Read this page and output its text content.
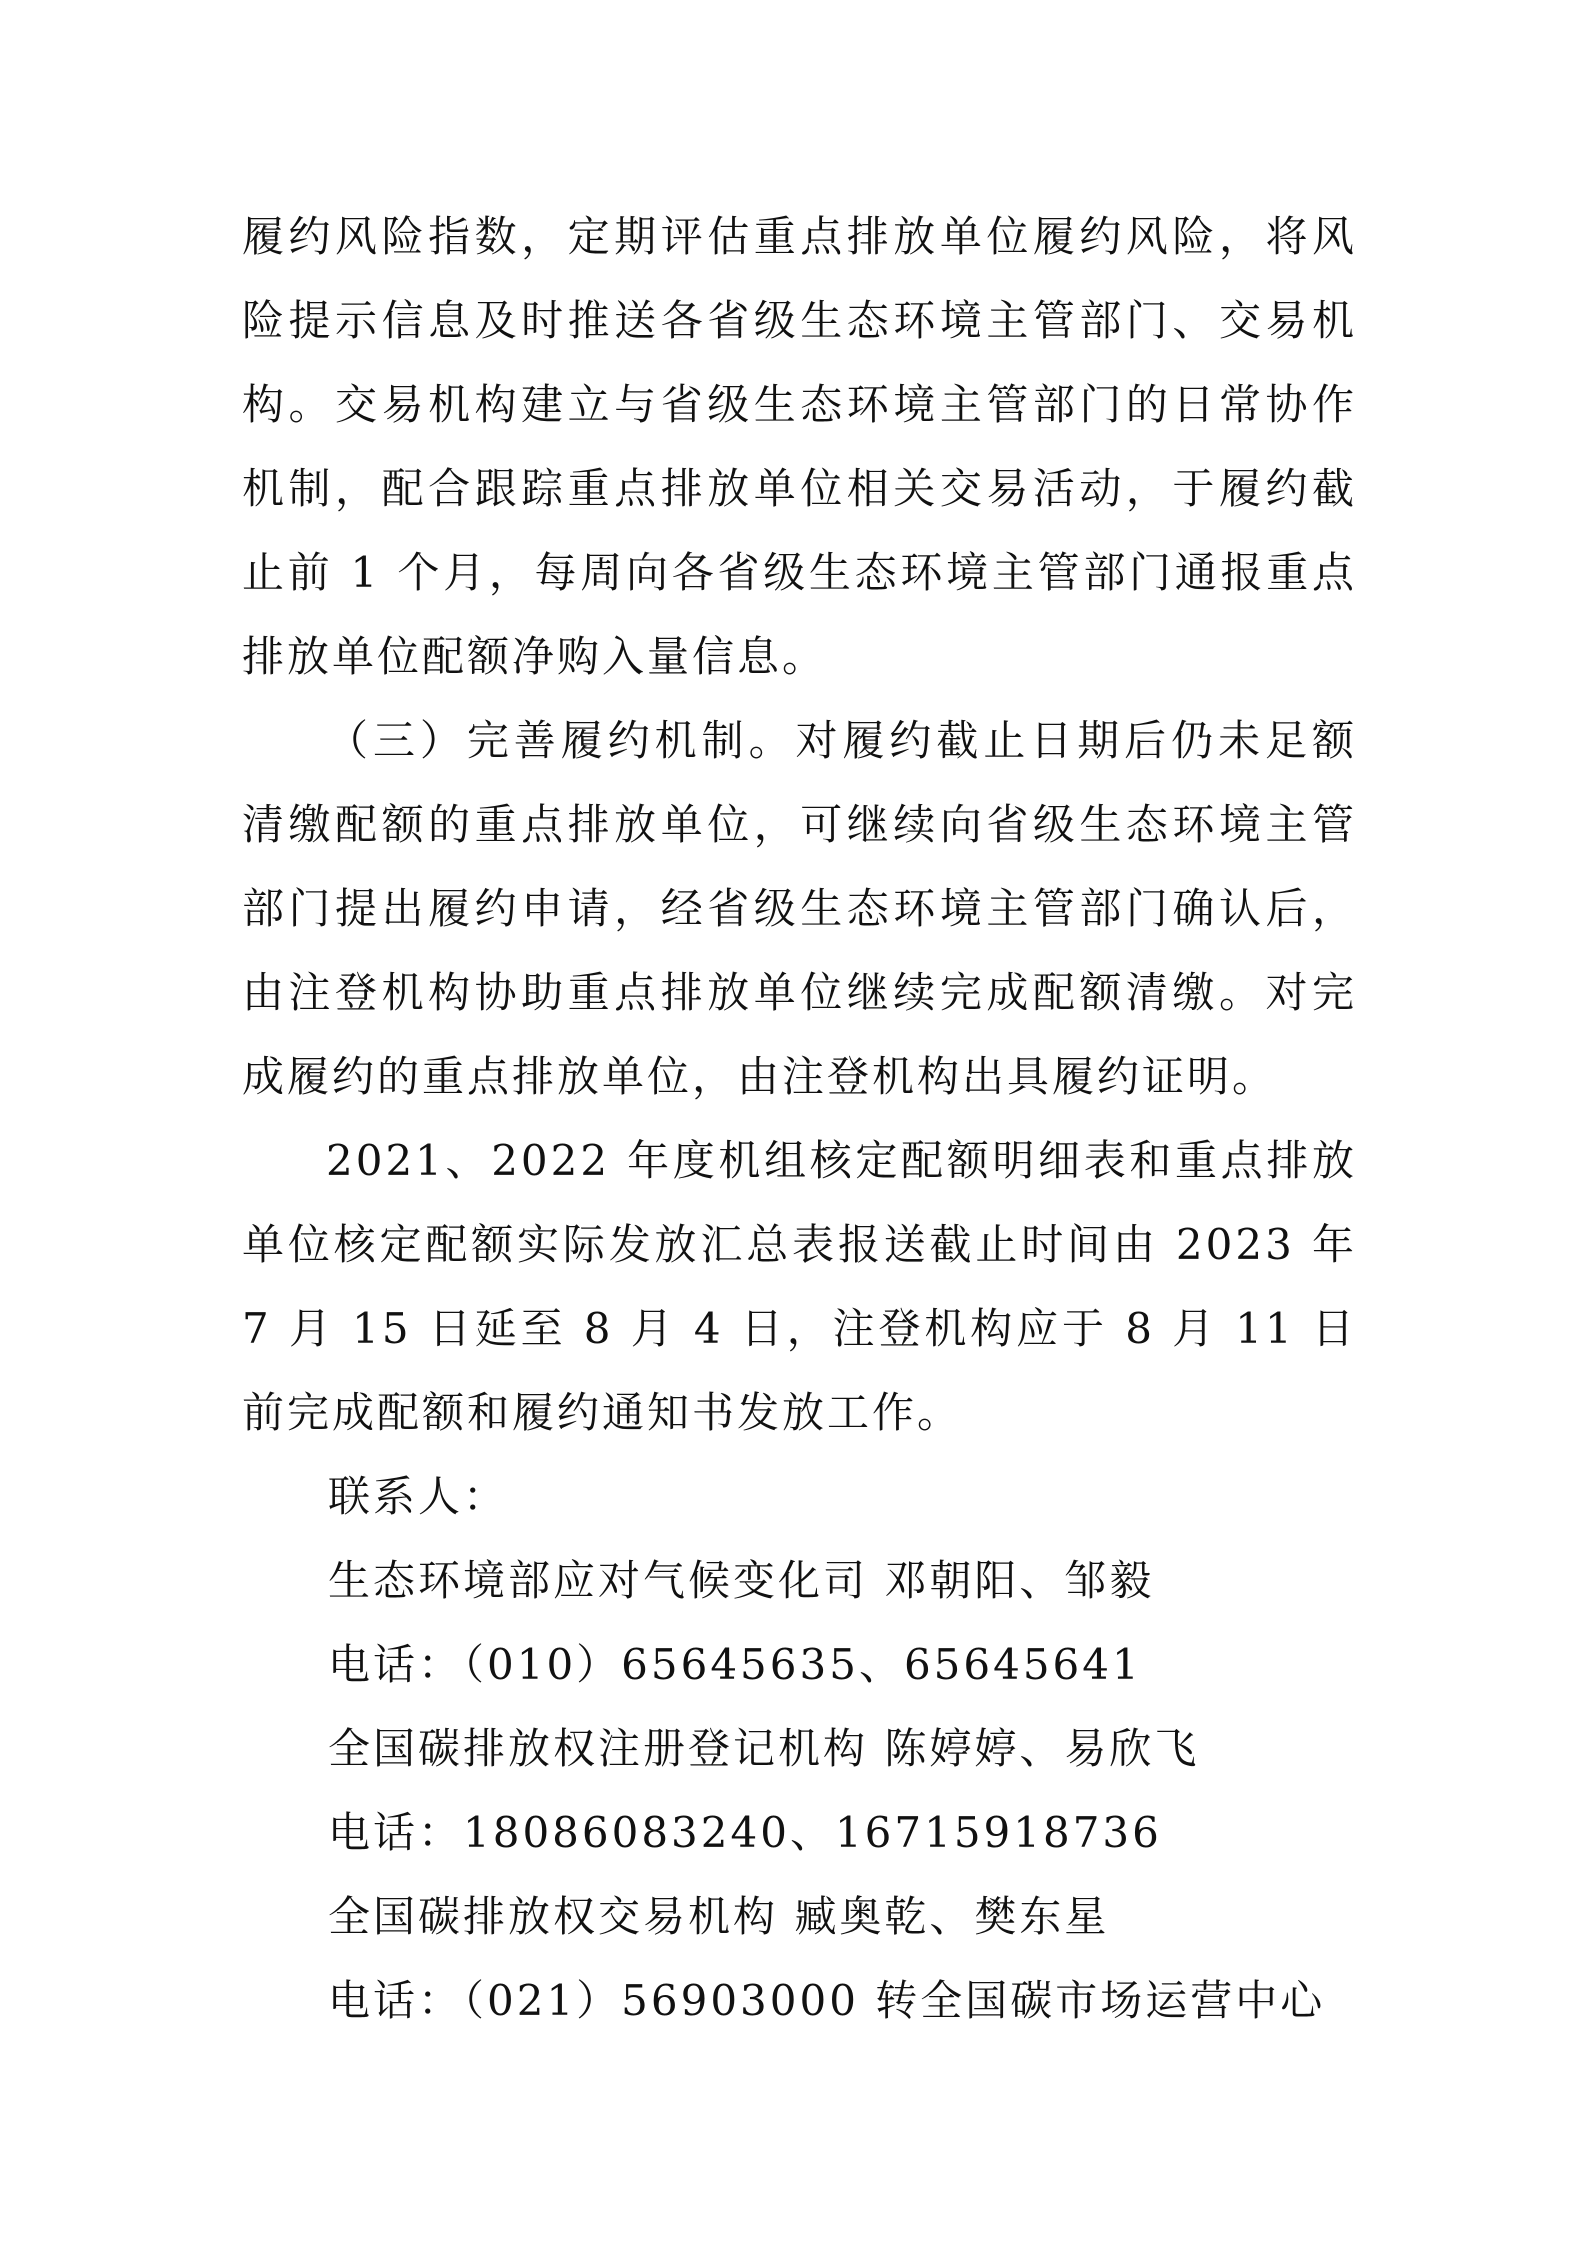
履约风险指数，定期评估重点排放单位履约风险，将风险提示信息及时推送各省级生态环境主管部门、交易机构。交易机构建立与省级生态环境主管部门的日常协作机制，配合跟踪重点排放单位相关交易活动，于履约截止前 1 个月，每周向各省级生态环境主管部门通报重点排放单位配额净购入量信息。

（三）完善履约机制。对履约截止日期后仍未足额清缴配额的重点排放单位，可继续向省级生态环境主管部门提出履约申请，经省级生态环境主管部门确认后，由注登机构协助重点排放单位继续完成配额清缴。对完成履约的重点排放单位，由注登机构出具履约证明。

2021、2022 年度机组核定配额明细表和重点排放单位核定配额实际发放汇总表报送截止时间由 2023 年 7 月 15 日延至 8 月 4 日，注登机构应于 8 月 11 日前完成配额和履约通知书发放工作。

联系人：
生态环境部应对气候变化司 邓朝阳、邹毅
电话：（010）65645635、65645641
全国碳排放权注册登记机构 陈婷婷、易欣飞
电话：18086083240、16715918736
全国碳排放权交易机构 臧奥乾、樊东星
电话：（021）56903000 转全国碳市场运营中心
